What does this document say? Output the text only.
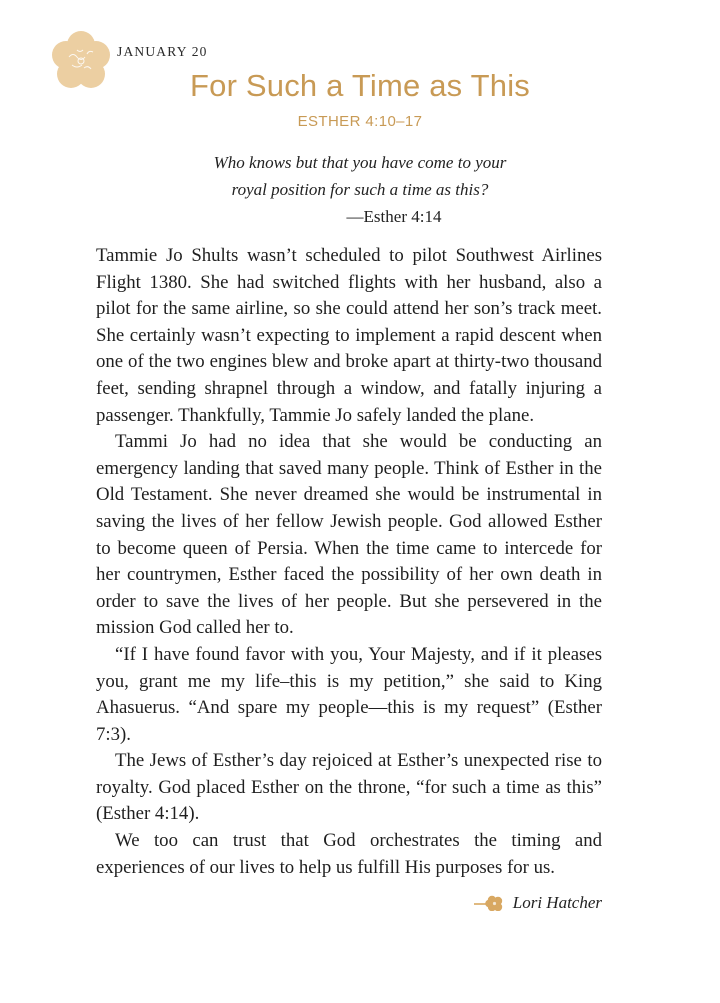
JANUARY 20
For Such a Time as This
ESTHER 4:10–17
Who knows but that you have come to your
royal position for such a time as this?
—Esther 4:14

Tammie Jo Shults wasn’t scheduled to pilot Southwest Airlines Flight 1380. She had switched flights with her husband, also a pilot for the same airline, so she could attend her son’s track meet. She certainly wasn’t expecting to implement a rapid descent when one of the two engines blew and broke apart at thirty-two thousand feet, sending shrapnel through a window, and fatally injuring a passenger. Thankfully, Tammie Jo safely landed the plane.

Tammi Jo had no idea that she would be conducting an emergency landing that saved many people. Think of Esther in the Old Testament. She never dreamed she would be instrumental in saving the lives of her fellow Jewish people. God allowed Esther to become queen of Persia. When the time came to intercede for her countrymen, Esther faced the possibility of her own death in order to save the lives of her people. But she persevered in the mission God called her to.

“If I have found favor with you, Your Majesty, and if it pleases you, grant me my life–this is my petition,” she said to King Ahasuerus. “And spare my people—this is my request” (Esther 7:3).

The Jews of Esther’s day rejoiced at Esther’s unexpected rise to royalty. God placed Esther on the throne, “for such a time as this” (Esther 4:14).

We too can trust that God orchestrates the timing and experiences of our lives to help us fulfill His purposes for us.

Lori Hatcher
